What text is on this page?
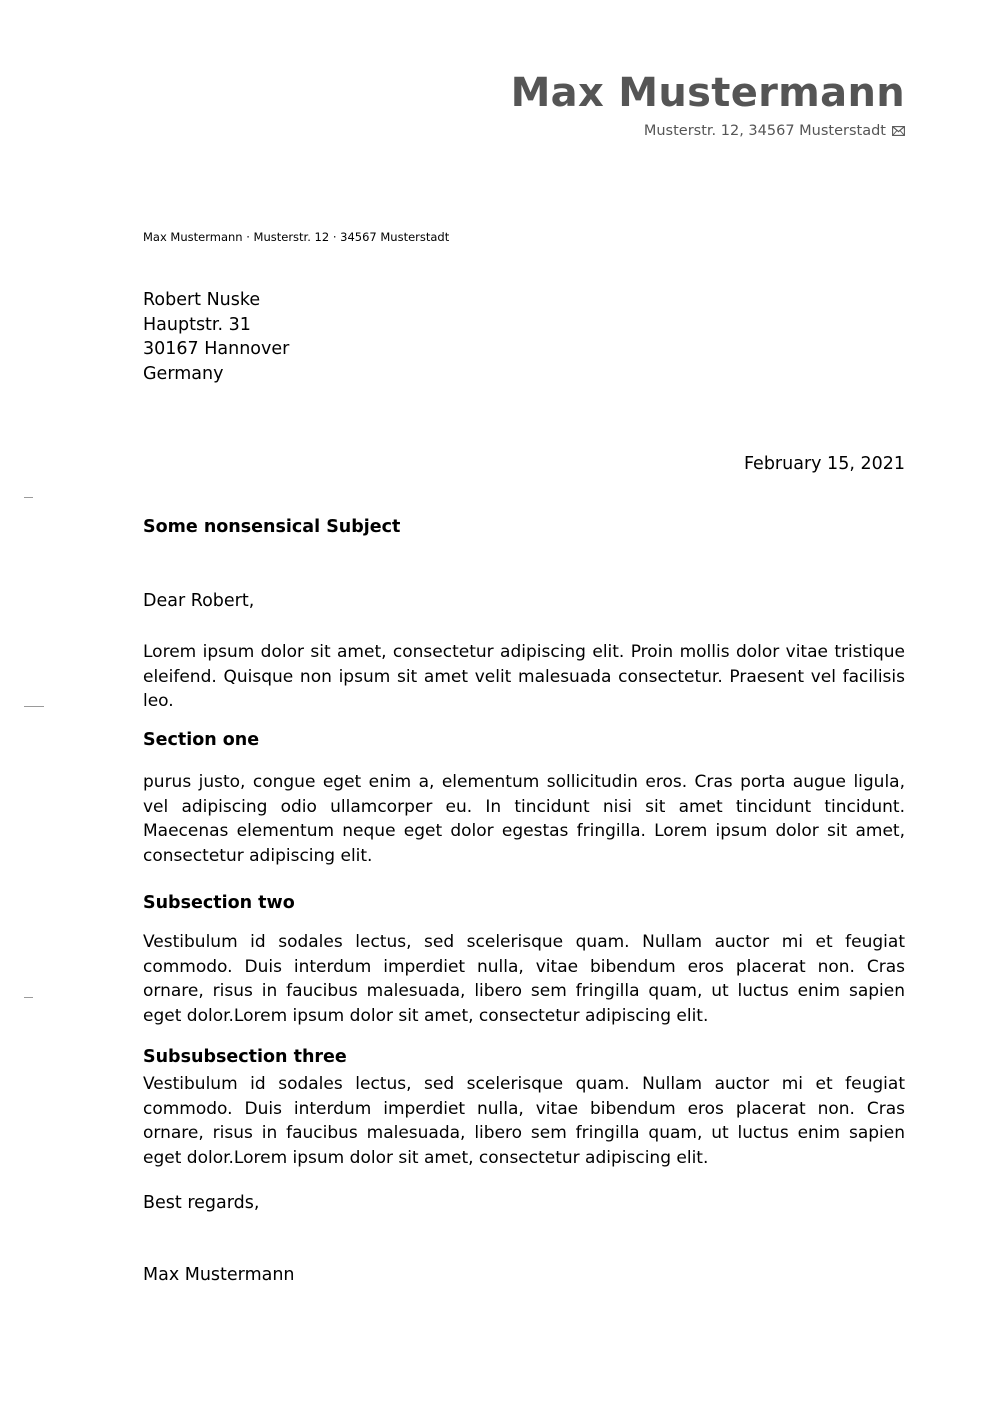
Max Mustermann
Musterstr. 12, 34567 Musterstadt
Max Mustermann · Musterstr. 12 · 34567 Musterstadt
Robert Nuske
Hauptstr. 31
30167 Hannover
Germany
February 15, 2021
Some nonsensical Subject
Dear Robert,

Lorem ipsum dolor sit amet, consectetur adipiscing elit. Proin mollis dolor vitae tristique eleifend. Quisque non ipsum sit amet velit malesuada consectetur. Praesent vel facilisis leo.

Section one

purus justo, congue eget enim a, elementum sollicitudin eros. Cras porta augue ligula, vel adipiscing odio ullamcorper eu. In tincidunt nisi sit amet tincidunt tincidunt. Maecenas elementum neque eget dolor egestas fringilla. Lorem ipsum dolor sit amet, consectetur adipiscing elit.

Subsection two

Vestibulum id sodales lectus, sed scelerisque quam. Nullam auctor mi et feugiat commodo. Duis interdum imperdiet nulla, vitae bibendum eros placerat non. Cras ornare, risus in faucibus malesuada, libero sem fringilla quam, ut luctus enim sapien eget dolor.Lorem ipsum dolor sit amet, consectetur adipiscing elit.

Subsubsection three

Vestibulum id sodales lectus, sed scelerisque quam. Nullam auctor mi et feugiat commodo. Duis interdum imperdiet nulla, vitae bibendum eros placerat non. Cras ornare, risus in faucibus malesuada, libero sem fringilla quam, ut luctus enim sapien eget dolor.Lorem ipsum dolor sit amet, consectetur adipiscing elit.

Best regards,
Max Mustermann
